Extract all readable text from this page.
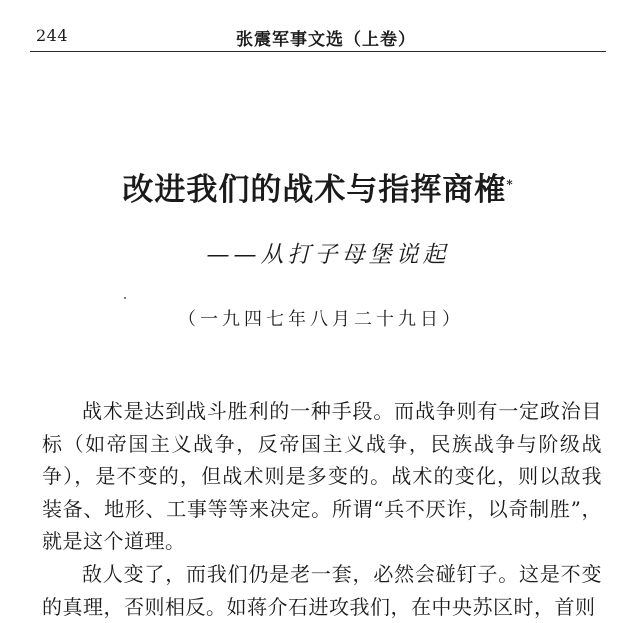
244	张震军事文选（上卷）
改进我们的战术与指挥商榷*
——从打子母堡说起
（一九四七年八月二十九日）

战术是达到战斗胜利的一种手段。而战争则有一定政治目标（如帝国主义战争，反帝国主义战争，民族战争与阶级战争），是不变的，但战术则是多变的。战术的变化，则以敌我装备、地形、工事等等来决定。所谓“兵不厌诈，以奇制胜”，就是这个道理。

敌人变了，而我们仍是老一套，必然会碰钉子。这是不变的真理，否则相反。如蒋介石进攻我们，在中央苏区时，首则
